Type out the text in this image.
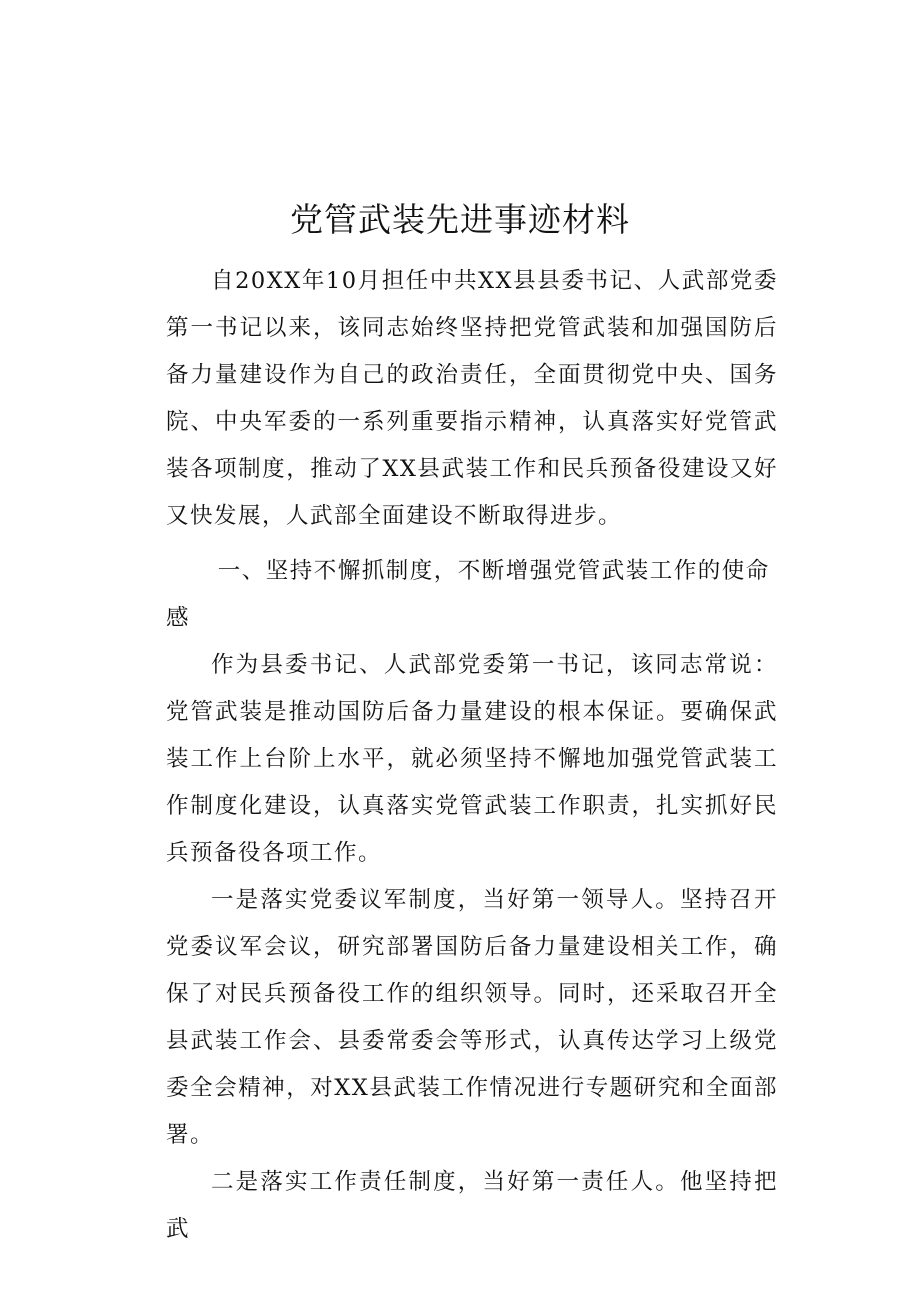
党管武装先进事迹材料

自20XX年10月担任中共XX县县委书记、人武部党委第一书记以来，该同志始终坚持把党管武装和加强国防后备力量建设作为自己的政治责任，全面贯彻党中央、国务院、中央军委的一系列重要指示精神，认真落实好党管武装各项制度，推动了XX县武装工作和民兵预备役建设又好又快发展，人武部全面建设不断取得进步。

一、坚持不懈抓制度，不断增强党管武装工作的使命感

作为县委书记、人武部党委第一书记，该同志常说：党管武装是推动国防后备力量建设的根本保证。要确保武装工作上台阶上水平，就必须坚持不懈地加强党管武装工作制度化建设，认真落实党管武装工作职责，扎实抓好民兵预备役各项工作。

一是落实党委议军制度，当好第一领导人。坚持召开党委议军会议，研究部署国防后备力量建设相关工作，确保了对民兵预备役工作的组织领导。同时，还采取召开全县武装工作会、县委常委会等形式，认真传达学习上级党委全会精神，对XX县武装工作情况进行专题研究和全面部署。

二是落实工作责任制度，当好第一责任人。他坚持把武
